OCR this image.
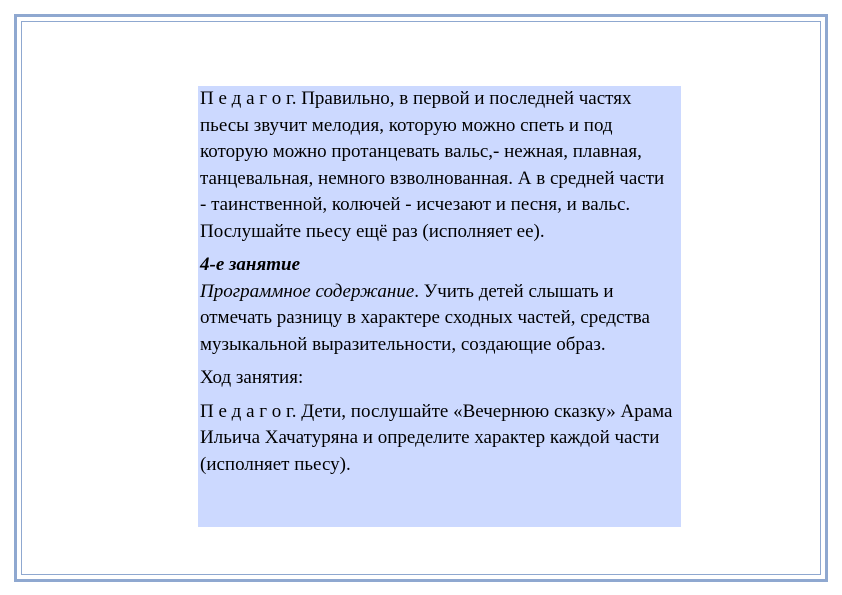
П е д а г о г. Правильно, в первой и последней частях пьесы звучит мелодия, которую можно спеть и под которую можно протанцевать вальс,- нежная, плавная, танцевальная, немного взволнованная. А в средней части - таинственной, колючей - исчезают и песня, и вальс. Послушайте пьесу ещё раз (исполняет ее).

4-е занятие

Программное содержание. Учить детей слышать и отмечать разницу в характере сходных частей, средства музыкальной выразительности, создающие образ.

Ход занятия:

П е д а г о г. Дети, послушайте «Вечернюю сказку» Арама Ильича Хачатуряна и определите характер каждой части (исполняет пьесу).
